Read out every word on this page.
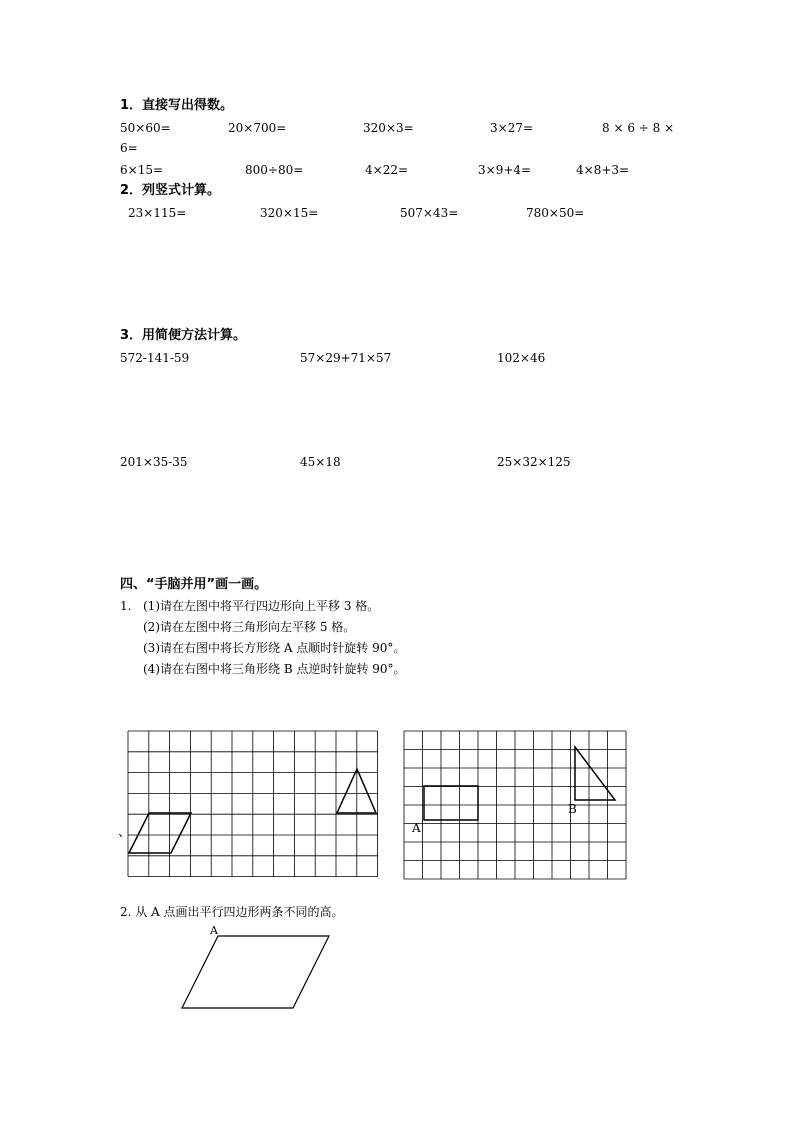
1．直接写出得数。
50×60=	20×700=	320×3=	3×27=	8 × 6 ÷ 8 ×
6=
6×15=	800÷80=	4×22=	3×9+4=	4×8+3=
2．列竖式计算。
23×115=	320×15=	507×43=	780×50=
3．用简便方法计算。
572-141-59	57×29+71×57	102×46
201×35-35	45×18	25×32×125
四、“手脑并用”画一画。
1. (1)请在左图中将平行四边形向上平移 3 格。
(2)请在左图中将三角形向左平移 5 格。
(3)请在右图中将长方形绕 A 点顺时针旋转 90°。
(4)请在右图中将三角形绕 B 点逆时针旋转 90°。
、	A
B
2. 从 A 点画出平行四边形两条不同的高。
A
